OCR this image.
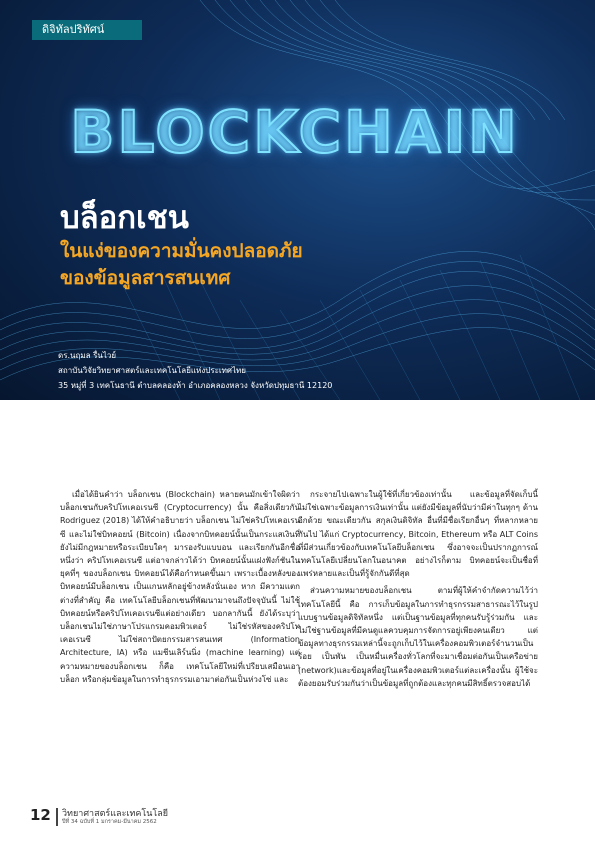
ดิจิทัลปริทัศน์
BLOCKCHAIN
บล็อกเชน
ในแง่ของความมั่นคงปลอดภัย
ของข้อมูลสารสนเทศ
ดร.นฤมล รื่นไวย์
สถาบันวิจัยวิทยาศาสตร์และเทคโนโลยีแห่งประเทศไทย
35 หมู่ที่ 3 เทคโนธานี ตำบลคลองห้า อำเภอคลองหลวง จังหวัดปทุมธานี 12120

เมื่อได้ยินคำว่า บล็อกเชน (Blockchain) หลายคนมักเข้าใจผิดว่า บล็อกเชนกับคริปโทเคอเรนซี (Cryptocurrency) นั้น คือสิ่งเดียวกัน Rodriguez (2018) ได้ให้คำอธิบายว่า บล็อกเชน ไม่ใช่คริปโทเคอเรนซี และไม่ใช่บิทคอยน์ (Bitcoin) เนื่องจากบิทคอยน์นั้นเป็นกระแสเงินที่ยังไม่มีกฎหมายหรือระเบียบใดๆ มารองรับแบบอน และเรียกกันอีกชื่อหนึ่งว่า คริปโทเคอเรนซี แต่อาจกล่าวได้ว่า บิทคอยน์นั้นแฝงฟังก์ชันในยุคที่ๆ ของบล็อกเชน บิทคอยน์ได้คือกำหนดขึ้นมา เพราะเบื้องหลังของบิทคอยน์มีบล็อกเชน เป็นแกนหลักอยู่ข้างหลังนั่นเอง หาก มีความแตกต่างที่สำคัญ คือ เทคโนโลยีบล็อกเชนที่พัฒนามาจนถึงปัจจุบันนี้ ไม่ใช้บิทคอยน์หรือคริปโทเคอเรนซีแต่อย่างเดียว บอกลากันนี้ ยังได้ระบุว่า บล็อกเชนไม่ใช่ภาษาโปรแกรมคอมพิวเตอร์ ไม่ใช่รหัสของคริปโทเคอเรนซี ไม่ใช่สถาปัตยกรรมสารสนเทศ (Information Architecture, IA) หรือ แมชีนเลิร์นนิ่ง (machine learning) แต่ความหมายของบล็อกเชน ก็คือ เทคโนโลยีใหม่ที่เปรียบเสมือนเอาบล็อก หรือกลุ่มข้อมูลในการทำธุรกรรมเอามาต่อกันเป็นห่วงโซ่ และ

กระจายไปเฉพาะในผู้ใช้ที่เกี่ยวข้องเท่านั้น และข้อมูลที่จัดเก็บนี้ ไม่ใช่เฉพาะข้อมูลการเงินเท่านั้น แต่ยังมีข้อมูลที่นับว่ามีค่าในทุกๆ ด้านอีกด้วย ขณะเดียวกัน สกุลเงินดิจิทัล อื่นที่มีชื่อเรียกอื่นๆ ที่หลากหลายกันไป ได้แก่ Cryptocurrency, Bitcoin, Ethereum หรือ ALT Coins ที่มีส่วนเกี่ยวข้องกับเทคโนโลยีบล็อกเชน ซึ่งอาจจะเป็นปรากฏการณ์เทคโนโลยีเปลี่ยนโลกในอนาคต อย่างไรก็ตาม บิทคอยน์จะเป็นชื่อที่แพร่หลายและเป็นที่รู้จักกันดีที่สุด

ส่วนความหมายของบล็อกเชน ตามที่ผู้ให้คำจำกัดความไว้ว่าเทคโนโลยีนี้ คือ การเก็บข้อมูลในการทำธุรกรรมสาธารณะไว้ในรูปแบบฐานข้อมูลดิจิทัลหนึ่ง แต่เป็นฐานข้อมูลที่ทุกคนรับรู้ร่วมกัน และไม่ใช่ฐานข้อมูลที่มีคนดูแลควบคุมการจัดการอยู่เพียงคนเดียว แต่ข้อมูลทางธุรกรรมเหล่านี้จะถูกเก็บไว้ในเครื่องคอมพิวเตอร์จำนวนเป็นร้อย เป็นพัน เป็นหมื่นเครื่องทั่วโลกที่จะมาเชื่อมต่อกันเป็นเครือข่าย (network)และข้อมูลที่อยู่ในเครื่องคอมพิวเตอร์แต่ละเครื่องนั้น ผู้ใช้จะต้องยอมรับร่วมกันว่าเป็นข้อมูลที่ถูกต้องและทุกคนมีสิทธิ์ตรวจสอบได้

12 วิทยาศาสตร์และเทคโนโลยี
ปีที่ 34 ฉบับที่ 1 มกราคม-มีนาคม 2562
